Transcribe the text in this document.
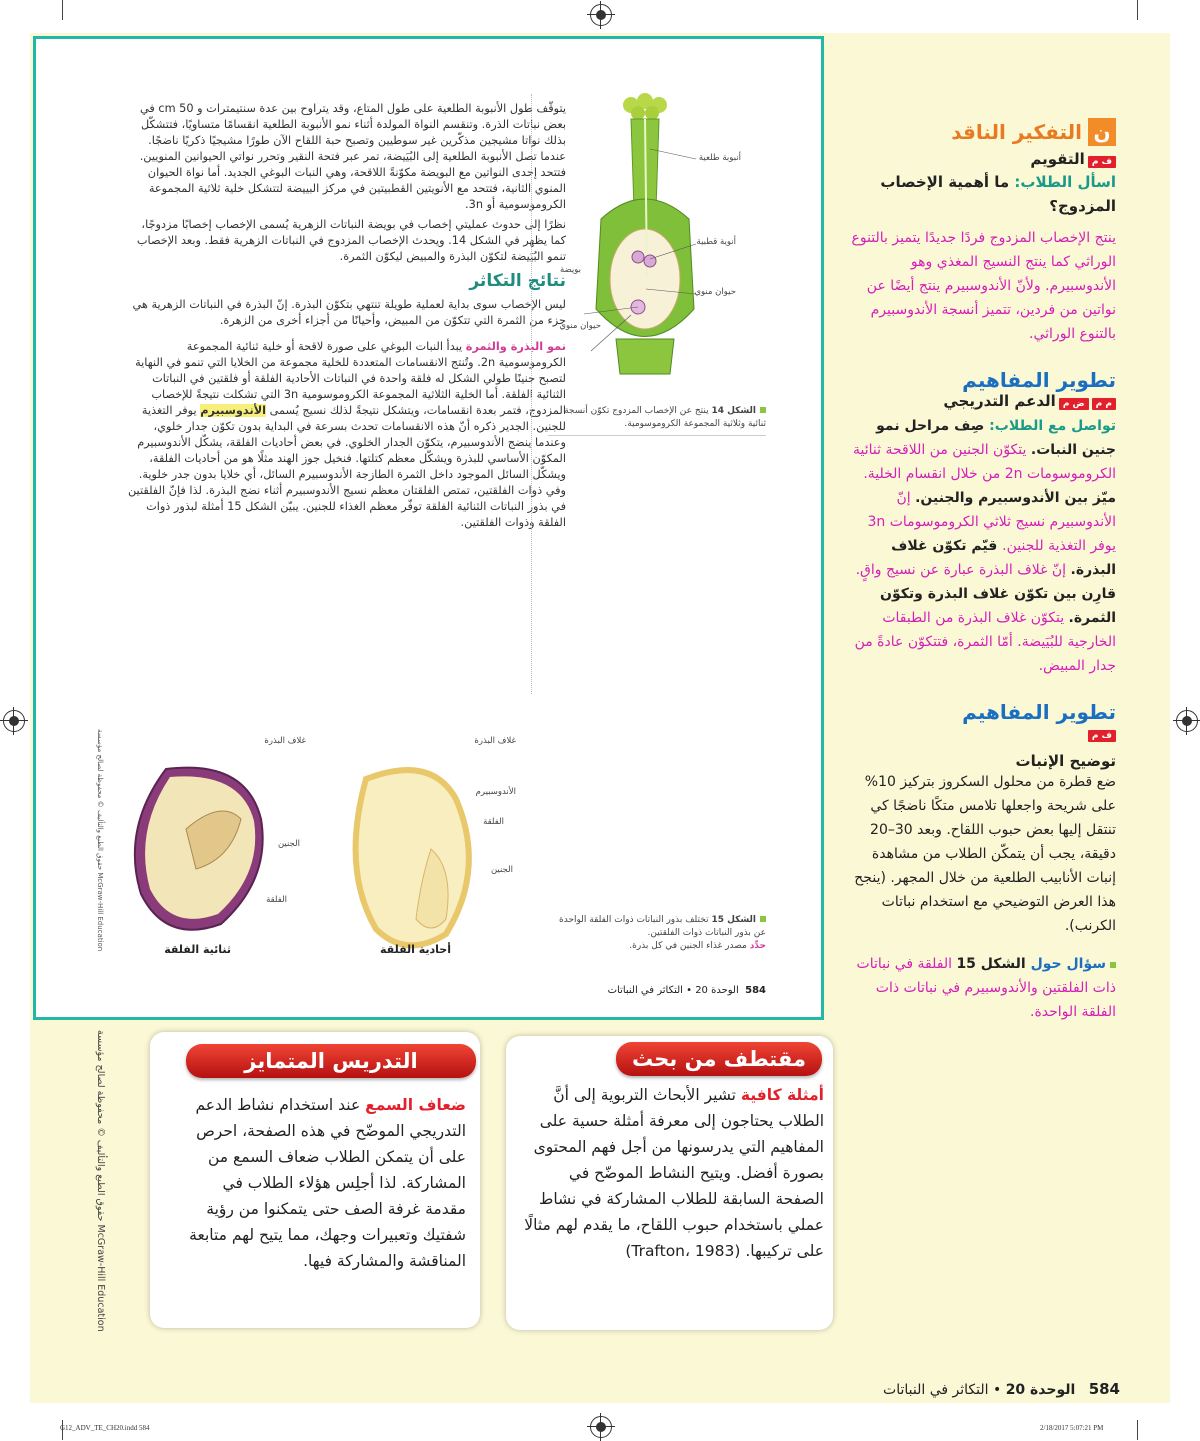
يتوقّف طول الأنبوبة الطلعية على طول المتاع، وقد يتراوح بين عدة سنتيمترات و 50 cm في بعض نباتات الذرة. وتنقسم النواة المولدة أثناء نمو الأنبوبة الطلعية انقسامًا متساويًا، فتتشكّل بذلك نواتا مشيجين مذكّرين غير سوطيين وتصبح حبة اللقاح الآن طورًا مشيجيًا ذكريًا ناضجًا. عندما تصل الأنبوبة الطلعية إلى البُيَيضة، تمر عبر فتحة النقير وتحرر نواتي الحيوانين المنويين. فتتحد إحدى النواتين مع البويضة مكوّنةً اللاقحة، وهي النبات البوغي الجديد. أما نواة الحيوان المنوي الثانية، فتتحد مع الأنويتين القطبيتين في مركز البييضة لتتشكل خلية ثلاثية المجموعة الكروموسومية أو 3n.

نظرًا إلى حدوث عمليتي إخصاب في بويضة النباتات الزهرية يُسمى الإخصاب إخصابًا مزدوجًا، كما يظهر في الشكل 14. ويحدث الإخصاب المزدوج في النباتات الزهرية فقط. وبعد الإخصاب تنمو البُيَيضة لتكوّن البذرة والمبيض ليكوّن الثمرة.

نتائج التكاثر

ليس الإخصاب سوى بداية لعملية طويلة تنتهي بتكوّن البذرة. إنّ البذرة في النباتات الزهرية هي جزء من الثمرة التي تتكوّن من المبيض، وأحيانًا من أجزاء أخرى من الزهرة.

نمو البذرة والثمرة يبدأ النبات البوغي على صورة لاقحة أو خلية ثنائية المجموعة الكروموسومية 2n. وتُنتج الانقسامات المتعددة للخلية مجموعة من الخلايا التي تنمو في النهاية لتصبح جنينًا طولي الشكل له فلقة واحدة في النباتات الأحادية الفلقة أو فلقتين في النباتات الثنائية الفلقة. أما الخلية الثلاثية المجموعة الكروموسومية 3n التي تشكلت نتيجةً للإخصاب المزدوج، فتمر بعدة انقسامات، ويتشكل نتيجةً لذلك نسيج يُسمى الأندوسبيرم يوفر التغذية للجنين. الجدير ذكره أنّ هذه الانقسامات تحدث بسرعة في البداية بدون تكوّن جدار خلوي، وعندما ينضج الأندوسبيرم، يتكوّن الجدار الخلوي. في بعض أحاديات الفلقة، يشكّل الأندوسبيرم المكوّن الأساسي للبذرة ويشكّل معظم كتلتها. فنخيل جوز الهند مثلًا هو من أحاديات الفلقة، ويشكّل السائل الموجود داخل الثمرة الطازجة الأندوسبيرم السائل، أي خلايا بدون جدر خلوية. وفي ذوات الفلقتين، تمتص الفلقتان معظم نسيج الأندوسبيرم أثناء نضج البذرة. لذا فإنّ الفلقتين في بذور النباتات الثنائية الفلقة توفّر معظم الغذاء للجنين. يبيّن الشكل 15 أمثلة لبذور ذوات الفلقة وذوات الفلقتين.

أنبوبة طلعية
أنوية قطبية
بويضة
حيوان منوي
حيوان منوي
الشكل 14 ينتج عن الإخصاب المزدوج تكوّن أنسجة ثنائية وثلاثية المجموعة الكروموسومية.
غلاف البذرة
الأندوسبيرم
الفلقة
الجنين
غلاف البذرة
الجنين
الفلقة
أحادية الفلقة
ثنائية الفلقة
الشكل 15 تختلف بذور النباتات ذوات الفلقة الواحدة عن بذور النباتات ذوات الفلقتين.
حدِّد مصدر غذاء الجنين في كل بذرة.
حقوق الطبع والتأليف © محفوظة لصالح مؤسسة McGraw-Hill Education
584  الوحدة 20 • التكاثر في النباتات
ن
التفكير الناقد
ف مالتقويم
اسأل الطلاب: ما أهمية الإخصاب المزدوج؟
ينتج الإخصاب المزدوج فردًا جديدًا يتميز بالتنوع الوراثي كما ينتج النسيج المغذي وهو الأندوسبيرم. ولأنّ الأندوسبيرم ينتج أيضًا عن نواتين من فردين، تتميز أنسجة الأندوسبيرم بالتنوع الوراثي.
تطوير المفاهيم
م مض مالدعم التدريجي
تواصل مع الطلاب: صِف مراحل نمو جنين النبات. يتكوّن الجنين من اللاقحة ثنائية الكروموسومات 2n من خلال انقسام الخلية. ميّز بين الأندوسبيرم والجنين. إنّ الأندوسبيرم نسيج ثلاثي الكروموسومات 3n يوفر التغذية للجنين. قيّم تكوّن غلاف البذرة. إنّ غلاف البذرة عبارة عن نسيج واقٍ. قارِن بين تكوّن غلاف البذرة وتكوّن الثمرة. يتكوّن غلاف البذرة من الطبقات الخارجية للبُيَيضة. أمّا الثمرة، فتتكوّن عادةً من جدار المبيض.
تطوير المفاهيم
ف م
توضيح الإنبات
ضع قطرة من محلول السكروز بتركيز 10% على شريحة واجعلها تلامس متكًا ناضجًا كي تنتقل إليها بعض حبوب اللقاح. وبعد 30–20 دقيقة، يجب أن يتمكّن الطلاب من مشاهدة إنبات الأنابيب الطلعية من خلال المجهر. (ينجح هذا العرض التوضيحي مع استخدام نباتات الكرنب).
سؤال حول الشكل 15 الفلقة في نباتات ذات الفلقتين والأندوسبيرم في نباتات ذات الفلقة الواحدة.
التدريس المتمايز
ضعاف السمع عند استخدام نشاط الدعم التدريجي الموضّح في هذه الصفحة، احرص على أن يتمكن الطلاب ضعاف السمع من المشاركة. لذا أجلِس هؤلاء الطلاب في مقدمة غرفة الصف حتى يتمكنوا من رؤية شفتيك وتعبيرات وجهك، مما يتيح لهم متابعة المناقشة والمشاركة فيها.
مقتطف من بحث
أمثلة كافية تشير الأبحاث التربوية إلى أنَّ الطلاب يحتاجون إلى معرفة أمثلة حسية على المفاهيم التي يدرسونها من أجل فهم المحتوى بصورة أفضل. ويتيح النشاط الموضّح في الصفحة السابقة للطلاب المشاركة في نشاط عملي باستخدام حبوب اللقاح، ما يقدم لهم مثالًا على تركيبها. (Trafton، 1983)
حقوق الطبع والتأليف © محفوظة لصالح مؤسسة McGraw-Hill Education
584   الوحدة 20 • التكاثر في النباتات
G12_ADV_TE_CH20.indd 584	2/18/2017 5:07:21 PM
